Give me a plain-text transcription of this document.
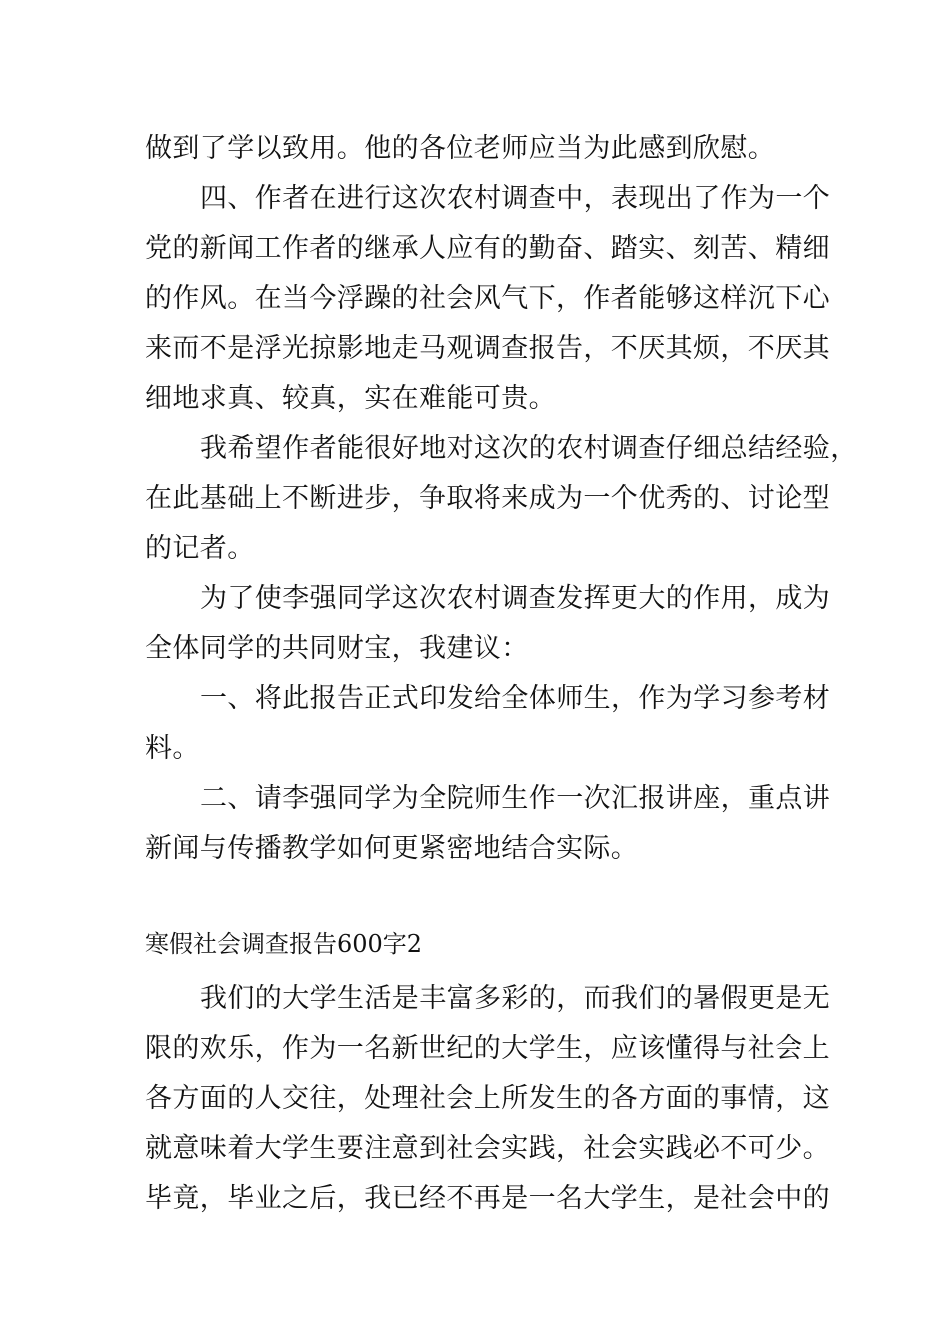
做到了学以致用。他的各位老师应当为此感到欣慰。
四、作者在进行这次农村调查中，表现出了作为一个
党的新闻工作者的继承人应有的勤奋、踏实、刻苦、精细
的作风。在当今浮躁的社会风气下，作者能够这样沉下心
来而不是浮光掠影地走马观调查报告，不厌其烦，不厌其
细地求真、较真，实在难能可贵。
我希望作者能很好地对这次的农村调查仔细总结经验，
在此基础上不断进步，争取将来成为一个优秀的、讨论型
的记者。
为了使李强同学这次农村调查发挥更大的作用，成为
全体同学的共同财宝，我建议：
一、将此报告正式印发给全体师生，作为学习参考材
料。
二、请李强同学为全院师生作一次汇报讲座，重点讲
新闻与传播教学如何更紧密地结合实际。
寒假社会调查报告600字2
我们的大学生活是丰富多彩的，而我们的暑假更是无
限的欢乐，作为一名新世纪的大学生，应该懂得与社会上
各方面的人交往，处理社会上所发生的各方面的事情，这
就意味着大学生要注意到社会实践，社会实践必不可少。
毕竟，毕业之后，我已经不再是一名大学生，是社会中的
